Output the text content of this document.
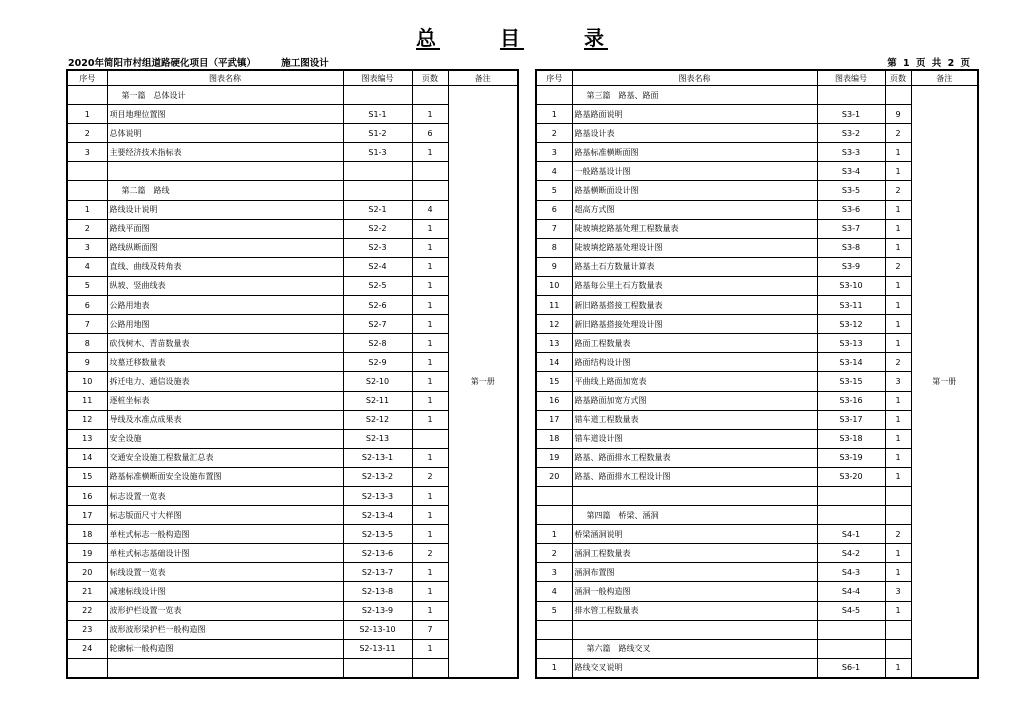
总	目	录
2020年简阳市村组道路硬化项目（平武镇）	施工图设计	第 1 页 共 2 页
序号	图表名称	图表编号	页数	备注
	第一篇　总体设计			第一册
1	项目地理位置图	S1-1	1	
2	总体说明	S1-2	6	
3	主要经济技术指标表	S1-3	1	

	第二篇　路线			
1	路线设计说明	S2-1	4	
2	路线平面图	S2-2	1	
3	路线纵断面图	S2-3	1	
4	直线、曲线及转角表	S2-4	1	
5	纵坡、竖曲线表	S2-5	1	
6	公路用地表	S2-6	1	
7	公路用地图	S2-7	1	
8	砍伐树木、青苗数量表	S2-8	1	
9	坟墓迁移数量表	S2-9	1	
10	拆迁电力、通信设施表	S2-10	1	
11	逐桩坐标表	S2-11	1	
12	导线及水准点成果表	S2-12	1	
13	安全设施	S2-13		
14	交通安全设施工程数量汇总表	S2-13-1	1	
15	路基标准横断面安全设施布置图	S2-13-2	2	
16	标志设置一览表	S2-13-3	1	
17	标志版面尺寸大样图	S2-13-4	1	
18	单柱式标志一般构造图	S2-13-5	1	
19	单柱式标志基础设计图	S2-13-6	2	
20	标线设置一览表	S2-13-7	1	
21	减速标线设计图	S2-13-8	1	
22	波形护栏设置一览表	S2-13-9	1	
23	波形波形梁护栏一般构造图	S2-13-10	7	
24	轮廓标一般构造图	S2-13-11	1	

序号	图表名称	图表编号	页数	备注
	第三篇　路基、路面			第一册
1	路基路面说明	S3-1	9	
2	路基设计表	S3-2	2	
3	路基标准横断面图	S3-3	1	
4	一般路基设计图	S3-4	1	
5	路基横断面设计图	S3-5	2	
6	超高方式图	S3-6	1	
7	陡坡填挖路基处理工程数量表	S3-7	1	
8	陡坡填挖路基处理设计图	S3-8	1	
9	路基土石方数量计算表	S3-9	2	
10	路基每公里土石方数量表	S3-10	1	
11	新旧路基搭接工程数量表	S3-11	1	
12	新旧路基搭接处理设计图	S3-12	1	
13	路面工程数量表	S3-13	1	
14	路面结构设计图	S3-14	2	
15	平曲线上路面加宽表	S3-15	3	
16	路基路面加宽方式图	S3-16	1	
17	错车道工程数量表	S3-17	1	
18	错车道设计图	S3-18	1	
19	路基、路面排水工程数量表	S3-19	1	
20	路基、路面排水工程设计图	S3-20	1	

	第四篇　桥梁、涵洞			
1	桥梁涵洞说明	S4-1	2	
2	涵洞工程数量表	S4-2	1	
3	涵洞布置图	S4-3	1	
4	涵洞一般构造图	S4-4	3	
5	排水管工程数量表	S4-5	1	

	第六篇　路线交叉			
1	路线交叉说明	S6-1	1	
